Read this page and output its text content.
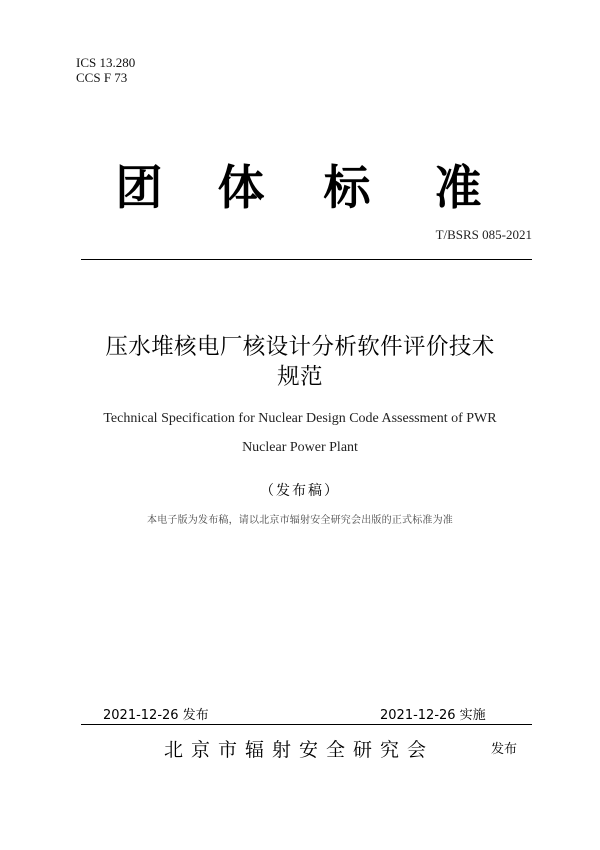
ICS 13.280
CCS F 73
团 体 标 准
T/BSRS 085-2021
压水堆核电厂核设计分析软件评价技术
规范
Technical Specification for Nuclear Design Code Assessment of PWR
Nuclear Power Plant
（发布稿）
本电子版为发布稿，请以北京市辐射安全研究会出版的正式标准为准
2021-12-26 发布	2021-12-26 实施
北京市辐射安全研究会	发布
